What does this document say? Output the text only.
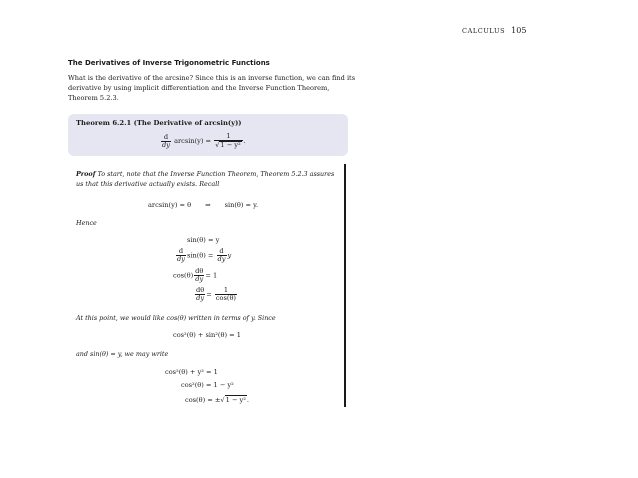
CALCULUS 105
The Derivatives of Inverse Trigonometric Functions
What is the derivative of the arcsine? Since this is an inverse function, we can find its derivative by using implicit differentiation and the Inverse Function Theorem, Theorem 5.2.3.
Theorem 6.2.1 (The Derivative of arcsin(y))
$\frac{d}{dy} \arcsin(y) = \frac{1}{\text{√1 − y²}}$ .
Proof To start, note that the Inverse Function Theorem, Theorem 5.2.3 assures us that this derivative actually exists. Recall
arcsin(y) = θ ⇒ sin(θ) = y.
Hence
sin(θ) = y
$\frac{d}{dy} \sin(\theta) = \frac{d}{dy}$ y
$\cos(\theta) \frac{d\theta}{dy} = 1$
$\frac{d\theta}{dy} = \frac{1}{\cos(\theta)}$
At this point, we would like cos(θ) written in terms of y. Since
cos²(θ) + sin²(θ) = 1
and sin(θ) = y, we may write
cos²(θ) + y² = 1
cos²(θ) = 1 − y²
cos(θ) = ±√1 − y².
